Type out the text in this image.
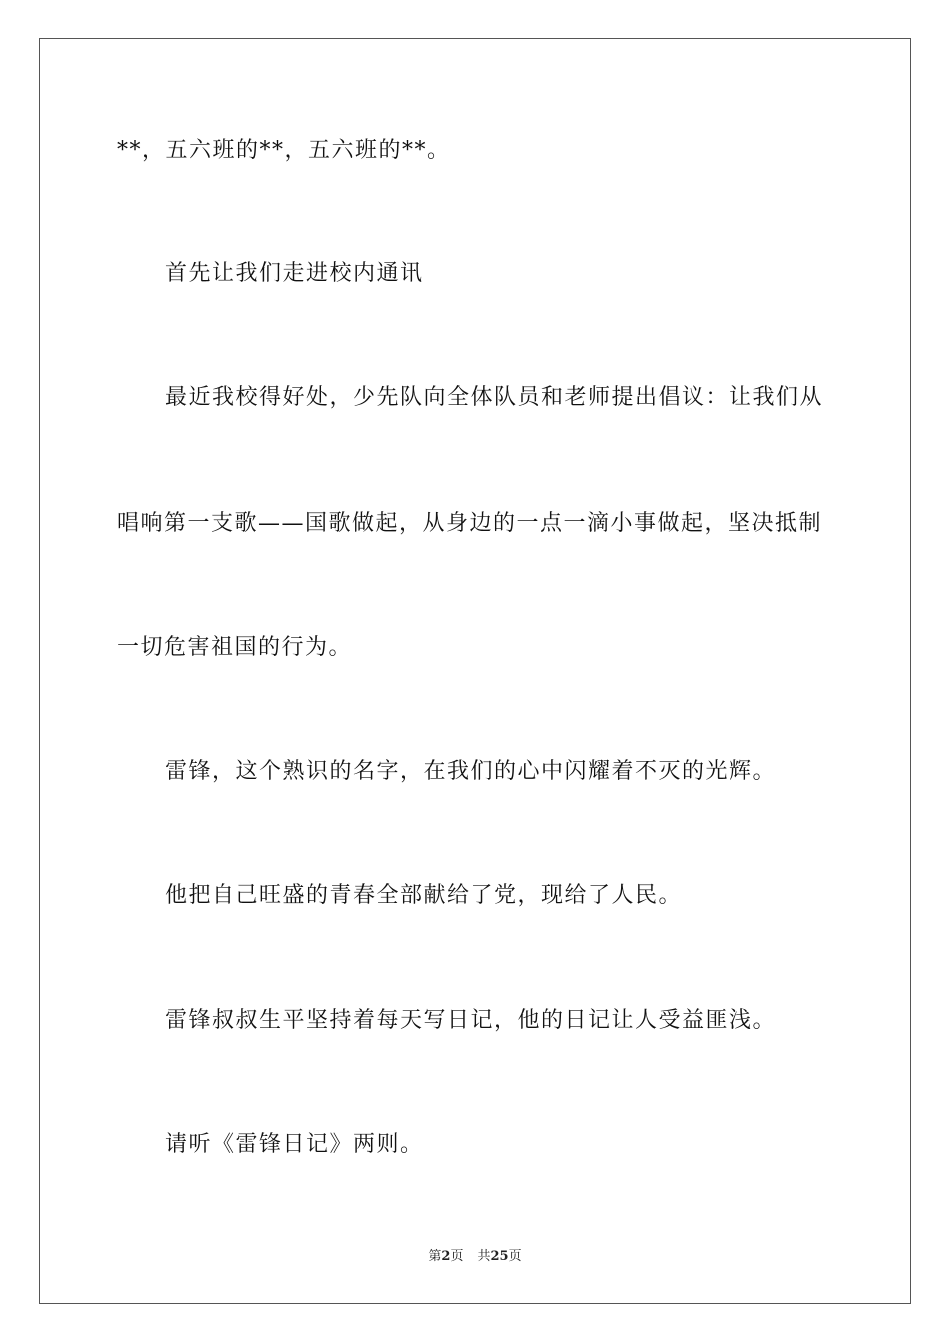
**，五六班的**，五六班的**。
首先让我们走进校内通讯
最近我校得好处，少先队向全体队员和老师提出倡议：让我们从
唱响第一支歌——国歌做起，从身边的一点一滴小事做起，坚决抵制
一切危害祖国的行为。
雷锋，这个熟识的名字，在我们的心中闪耀着不灭的光辉。
他把自己旺盛的青春全部献给了党，现给了人民。
雷锋叔叔生平坚持着每天写日记，他的日记让人受益匪浅。
请听《雷锋日记》两则。
第2页 共25页
